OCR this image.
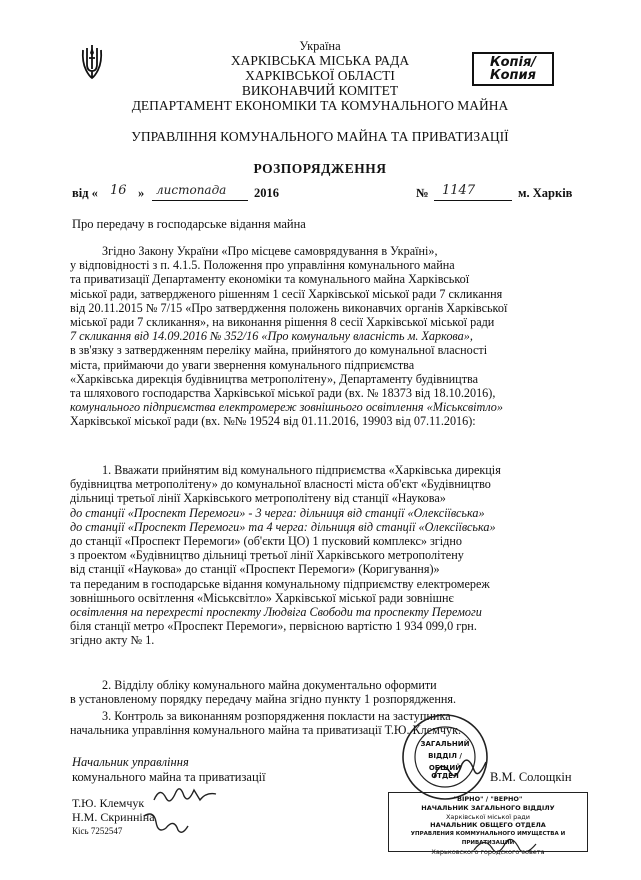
Україна
ХАРКІВСЬКА МІСЬКА РАДА
ХАРКІВСЬКОЇ ОБЛАСТІ
ВИКОНАВЧИЙ КОМІТЕТ
ДЕПАРТАМЕНТ ЕКОНОМІКИ ТА КОМУНАЛЬНОГО МАЙНА
УПРАВЛІННЯ КОМУНАЛЬНОГО МАЙНА ТА ПРИВАТИЗАЦІЇ
РОЗПОРЯДЖЕННЯ
Копія/
Копия
від « 16 » листопада 2016	№ 1147	м. Харків
Про передачу в господарське відання майна

Згідно Закону України «Про місцеве самоврядування в Україні»,

у відповідності з п. 4.1.5. Положення про управління комунального майна

та приватизації Департаменту економіки та комунального майна Харківської

міської ради, затвердженого рішенням 1 сесії Харківської міської ради 7 скликання

від 20.11.2015 № 7/15 «Про затвердження положень виконавчих органів Харківської

міської ради 7 скликання», на виконання рішення 8 сесії Харківської міської ради

7 скликання від 14.09.2016 № 352/16 «Про комунальну власність м. Харкова»,

в зв'язку з затвердженням переліку майна, прийнятого до комунальної власності

міста, приймаючи до уваги звернення комунального підприємства

«Харківська дирекція будівництва метрополітену», Департаменту будівництва

та шляхового господарства Харківської міської ради (вх. № 18373 від 18.10.2016),

комунального підприємства електромереж зовнішнього освітлення «Міськсвітло»

Харківської міської ради (вх. №№ 19524 від 01.11.2016, 19903 від 07.11.2016):

1. Вважати прийнятим від комунального підприємства «Харківська дирекція

будівництва метрополітену» до комунальної власності міста об'єкт «Будівництво

дільниці третьої лінії Харківського метрополітену від станції «Наукова»

до станції «Проспект Перемоги» - 3 черга: дільниця від станції «Олексіївська»

до станції «Проспект Перемоги» та 4 черга: дільниця від станції «Олексіївська»

до станції «Проспект Перемоги» (об'єкти ЦО) 1 пусковий комплекс» згідно

з проектом «Будівництво дільниці третьої лінії Харківського метрополітену

від станції «Наукова» до станції «Проспект Перемоги» (Коригування)»

та переданим в господарське відання комунальному підприємству електромереж

зовнішнього освітлення «Міськсвітло» Харківської міської ради зовнішнє

освітлення на перехресті проспекту Людвіга Свободи та проспекту Перемоги

біля станції метро «Проспект Перемоги», первісною вартістю 1 934 099,0 грн.

згідно акту № 1.

2. Відділу обліку комунального майна документально оформити

в установленому порядку передачу майна згідно пункту 1 розпорядження.

3. Контроль за виконанням розпорядження покласти на заступника

начальника управління комунального майна та приватизації Т.Ю. Клемчук.

Начальник управління
комунального майна та приватизації	В.М. Солощкін
Т.Ю. Клемчук
Н.М. Скринніна
Кісь 7252547
ЗАГАЛЬНИЙ
ВІДДІЛ /
ОБЩИЙ ОТДЕЛ
"ВІРНО" / "ВЕРНО"
НАЧАЛЬНИК ЗАГАЛЬНОГО ВІДДІЛУ
Харківської міської ради
НАЧАЛЬНИК ОБЩЕГО ОТДЕЛА
УПРАВЛЕНИЯ КОММУНАЛЬНОГО ИМУЩЕСТВА И ПРИВАТИЗАЦИИ
Харьковского городского совета
